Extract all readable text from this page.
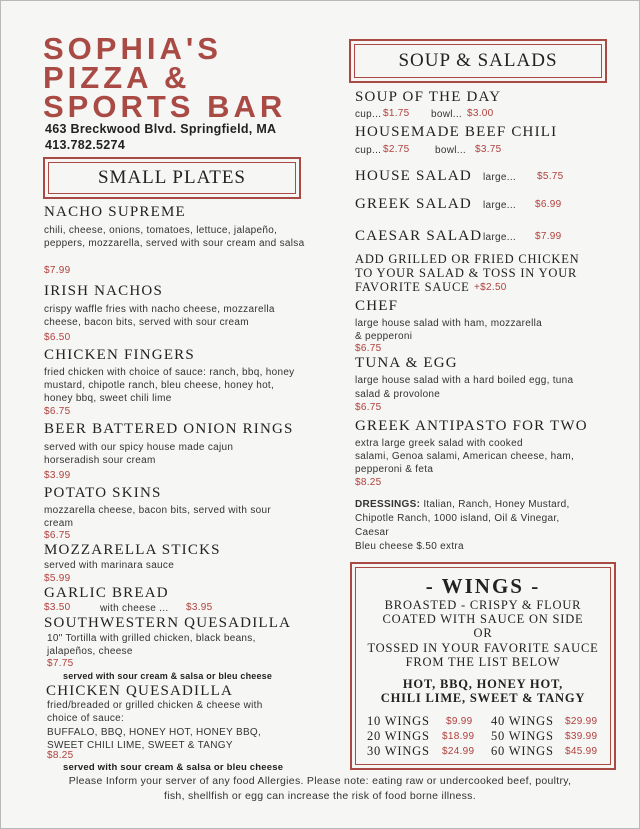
SOPHIA'S
PIZZA &
SPORTS BAR
463 Breckwood Blvd. Springfield, MA
413.782.5274
SMALL PLATES
NACHO SUPREME
chili, cheese, onions, tomatoes, lettuce, jalapeño, peppers, mozzarella, served with sour cream and salsa
$7.99
IRISH NACHOS
crispy waffle fries with nacho cheese, mozzarella cheese, bacon bits, served with sour cream
$6.50
CHICKEN FINGERS
fried chicken with choice of sauce: ranch, bbq, honey mustard, chipotle ranch, bleu cheese, honey hot, honey bbq, sweet chili lime
$6.75
BEER BATTERED ONION RINGS
served with our spicy house made cajun horseradish sour cream
$3.99
POTATO SKINS
mozzarella cheese, bacon bits, served with sour cream
$6.75
MOZZARELLA STICKS
served with marinara sauce
$5.99
GARLIC BREAD
$3.50	with cheese ... $3.95
SOUTHWESTERN QUESADILLA
10" Tortilla with grilled chicken, black beans, jalapeños, cheese
$7.75
served with sour cream & salsa or bleu cheese
CHICKEN QUESADILLA
fried/breaded or grilled chicken & cheese with choice of sauce:
BUFFALO, BBQ, HONEY HOT, HONEY BBQ, SWEET CHILI LIME, SWEET & TANGY
$8.25
served with sour cream & salsa or bleu cheese
SOUP & SALADS
SOUP OF THE DAY
cup... $1.75 bowl... $3.00
HOUSEMADE BEEF CHILI
cup... $2.75	bowl... $3.75
HOUSE SALAD large... $5.75
GREEK SALAD large... $6.99
CAESAR SALAD large... $7.99
ADD GRILLED OR FRIED CHICKEN
TO YOUR SALAD & TOSS IN YOUR
FAVORITE SAUCE +$2.50
CHEF
large house salad with ham, mozzarella
& pepperoni
$6.75
TUNA & EGG
large house salad with a hard boiled egg, tuna
salad & provolone
$6.75
GREEK ANTIPASTO FOR TWO
extra large greek salad with cooked
salami, Genoa salami, American cheese, ham,
pepperoni & feta
$8.25
DRESSINGS: Italian, Ranch, Honey Mustard,
Chipotle Ranch, 1000 island, Oil & Vinegar,
Caesar
Bleu cheese $.50 extra
- WINGS -
BROASTED - CRISPY & FLOUR
COATED WITH SAUCE ON SIDE
OR
TOSSED IN YOUR FAVORITE SAUCE
FROM THE LIST BELOW
HOT, BBQ, HONEY HOT,
CHILI LIME, SWEET & TANGY
10 WINGS $9.99
20 WINGS $18.99
30 WINGS $24.99
40 WINGS $29.99
50 WINGS $39.99
60 WINGS $45.99
Please Inform your server of any food Allergies. Please note: eating raw or undercooked beef, poultry,
fish, shellfish or egg can increase the risk of food borne illness.
